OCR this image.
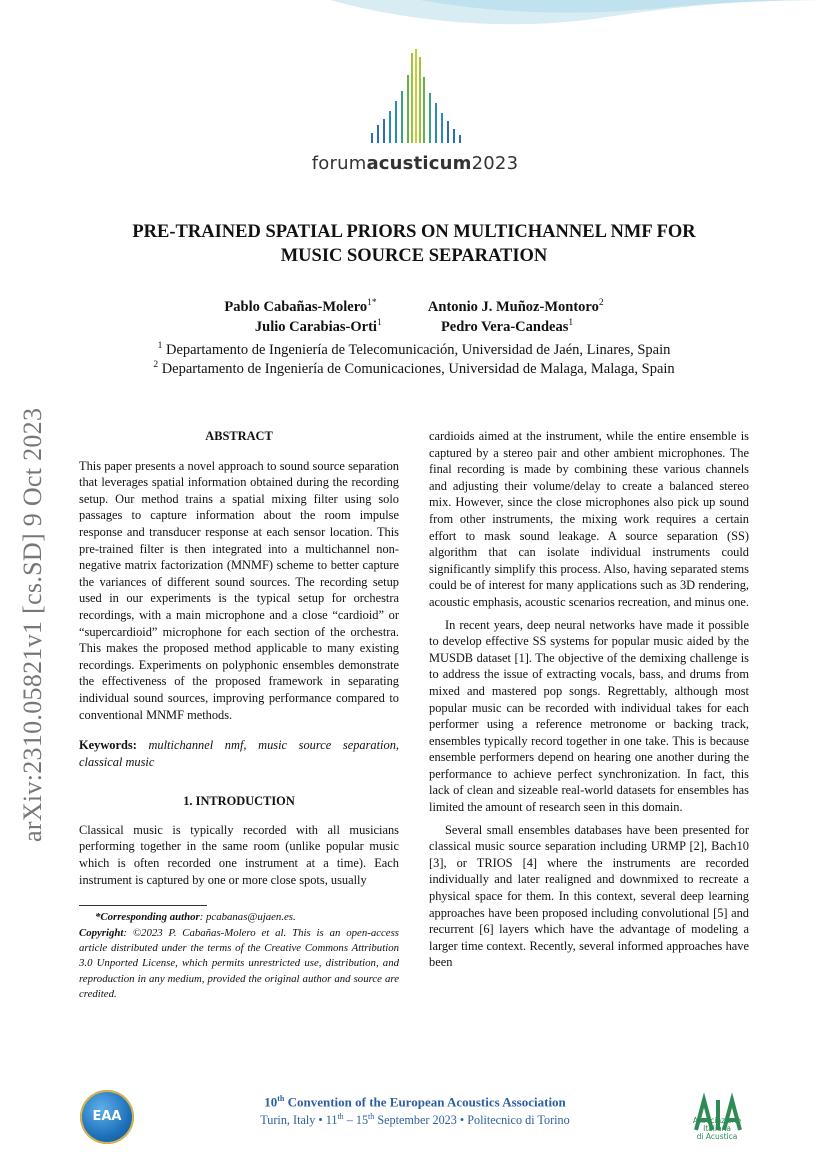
forumacusticum2023
PRE-TRAINED SPATIAL PRIORS ON MULTICHANNEL NMF FOR
MUSIC SOURCE SEPARATION
Pablo Cabañas-Molero$^{1*}$	Antonio J. Muñoz-Montoro$^2$
Julio Carabias-Orti$^1$	Pedro Vera-Candeas$^1$
$^1$ Departamento de Ingeniería de Telecomunicación, Universidad de Jaén, Linares, Spain
$^2$ Departamento de Ingeniería de Comunicaciones, Universidad de Malaga, Malaga, Spain
arXiv:2310.05821v1 [cs.SD] 9 Oct 2023	ABSTRACT

This paper presents a novel approach to sound source separation that leverages spatial information obtained during the recording setup. Our method trains a spatial mixing filter using solo passages to capture information about the room impulse response and transducer response at each sensor location. This pre-trained filter is then integrated into a multichannel non-negative matrix factorization (MNMF) scheme to better capture the variances of different sound sources. The recording setup used in our experiments is the typical setup for orchestra recordings, with a main microphone and a close “cardioid” or “supercardioid” microphone for each section of the orchestra. This makes the proposed method applicable to many existing recordings. Experiments on polyphonic ensembles demonstrate the effectiveness of the proposed framework in separating individual sound sources, improving performance compared to conventional MNMF methods.

Keywords: multichannel nmf, music source separation, classical music

1. INTRODUCTION

Classical music is typically recorded with all musicians performing together in the same room (unlike popular music which is often recorded one instrument at a time). Each instrument is captured by one or more close spots, usually

*Corresponding author: pcabanas@ujaen.es.

Copyright: ©2023 P. Cabañas-Molero et al. This is an open-access article distributed under the terms of the Creative Commons Attribution 3.0 Unported License, which permits unrestricted use, distribution, and reproduction in any medium, provided the original author and source are credited.

cardioids aimed at the instrument, while the entire ensemble is captured by a stereo pair and other ambient microphones. The final recording is made by combining these various channels and adjusting their volume/delay to create a balanced stereo mix. However, since the close microphones also pick up sound from other instruments, the mixing work requires a certain effort to mask sound leakage. A source separation (SS) algorithm that can isolate individual instruments could significantly simplify this process. Also, having separated stems could be of interest for many applications such as 3D rendering, acoustic emphasis, acoustic scenarios recreation, and minus one.

In recent years, deep neural networks have made it possible to develop effective SS systems for popular music aided by the MUSDB dataset [1]. The objective of the demixing challenge is to address the issue of extracting vocals, bass, and drums from mixed and mastered pop songs. Regrettably, although most popular music can be recorded with individual takes for each performer using a reference metronome or backing track, ensembles typically record together in one take. This is because ensemble performers depend on hearing one another during the performance to achieve perfect synchronization. In fact, this lack of clean and sizeable real-world datasets for ensembles has limited the amount of research seen in this domain.

Several small ensembles databases have been presented for classical music source separation including URMP [2], Bach10 [3], or TRIOS [4] where the instruments are recorded individually and later realigned and downmixed to recreate a physical space for them. In this context, several deep learning approaches have been proposed including convolutional [5] and recurrent [6] layers which have the advantage of modeling a larger time context. Recently, several informed approaches have been

EAA
10th Convention of the European Acoustics Association
Turin, Italy • 11th – 15th September 2023 • Politecnico di Torino	Associazione
Italiana
di Acustica
